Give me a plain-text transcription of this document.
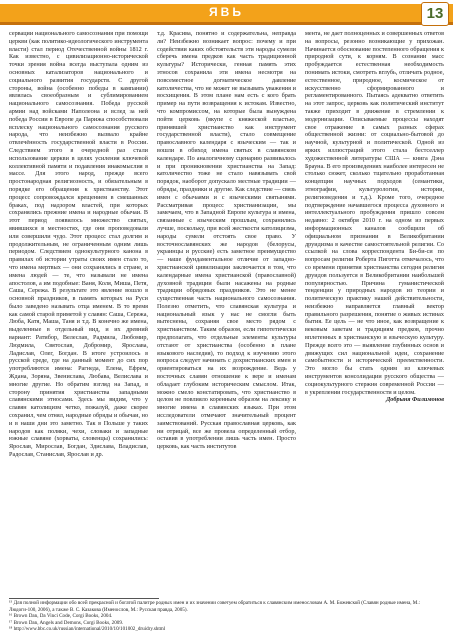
ЯВЬ	13

сервации национального самосознания при помощи церкви (как политико-идеологического инструмента власти) стал период Отечественной войны 1812 г. Как известно, с цивилизационно-исторической точки зрения война всегда выступала одним из основных катализаторов национального и социального развития государств. С другой стороны, война (особенно победы в кампании) являлась своеобразным и сублимированием национального самосознания. Победа русской армии над войсками Наполеона и вслед за ней победа России в Европе да Парижа способствовали всплеску национального самосознания русского народа, что неизбежно вызвало крайне отвлечённость государственной власти в России. Следствием этого в очередной раз стали использование церкви в целях усиления ключевой коллективной памяти и подавления инакомыслия в массе. Для этого народ, прежде всего простонародная религиозность, и обязательным в порядке его обращения к христианству. Этот процесс сопровождался крещением в смешанных браках, под надзором властей, при которых сохранялись прежние имена и народные обычаи. В этот период появилось множество святых, явившихся в местностях, где они проповедовали или совершили чудо. Этот процесс стал долгим и продолжительным, не ограниченным одним лишь периодом. Следствием однокультурного канона в правилах об истории утраты своих имен стало то, что имена мертвых — они сохранялись в стране, и имена людей — те, что называли не имена апостолов, а им подобные: Ваня, Коля, Миша, Петя, Саша, Сережа. В результате это явление вошло в основной праздников, в память которых на Руси было заведено называть отца именем. В то время как самой старой приметой у славян: Саша, Сережа, Люба, Катя, Маша, Таня и т.д. В конечно же имена, выделенные в отдельный вид, и их древний вариант: Ратибор, Велеслав, Радмила, Любомир, Людмила, Святослав, Добромир, Ярослава, Ладислав, Олег, Богдан. В итоге устроилось в русской среде, где на данный момент до сих пор употребляются имена: Рагнеда, Елена, Ефрем, Ждана, Зоряна, Звенислава, Любава, Велислава и многие другие. Но обратим взгляд на Запад, в сторону принятия христианства западными славянскими этносами. Здесь мы видим, что у славян католицизм четко, пожалуй, даже скорее сохранил, чем отнял, народные обряды и обычаи, но и в наши дни это заметно. Так в Польше у таких народов как поляки, чехи, словаки и западные южные славяне (хорваты, словенцы) сохранились: Ярослав, Мирослав, Богдан, Здислава, Владислав, Радослав, Станислав, Ярослав и др.

т.д. Красива, понятно и содержательна, неправда ли? Неизбежно возникает вопрос: почему и при содействии каких обстоятельств эти народы сумели сберечь имена предков как часть традиционной культуры? Исторически, генная память этих этносов сохранила эти имена несмотря на повсеместное догматическое давление католичества, что не может не вызывать уважения и восхищения. В этом плане нам есть с кого брать пример на пути возвращения к истокам. Известно, что компромиссом, на которые была вынуждена пойти церковь (вкупе с княжеской властью, принявшей христианство как инструмент государственной власти), стало совмещение православного календаря с языческим — так и вошли в обиход имена святых в славянском календаре. По аналогичному сценарию развивалось и при проникновении христианства на Запад: католичество тоже не стало навязывать свой порядок, наоборот допускало местные традиции — обряды, праздники и другие. Как следствие — связь имен с обычаями и с языческими святынями. Рассматривая процесс христианизации, мы замечаем, что в Западной Европе культура и имена, связанные с языческим прошлым, сохранились лучше, поскольку, при всей жесткости католицизма, народы сумели отстоять свое право. У восточнославянских же народов (белорусы, украинцы и русские) есть заметное преимущество — наше фундаментальное отличие от западно-христианской цивилизации заключается в том, что календарные имена христианской (православной) духовной традиции были насажены на родные традиции обрядовых праздников. Это не менее существенная часть национального самосознания. Полезно отметить, что славянская культура и национальный язык у нас не смогли быть вытеснены, сохраняя свое место рядом с христианством. Таким образом, если гипотетически предполагать, что отдельные элементы культуры отстают от христианства (особенно в плане языкового наследия), то подход к изучению этого вопроса следует начинать с дохристианских имен и ориентироваться на их возрождение. Ведь у восточных славян отношение к вере и именам обладает глубоким историческим смыслом. Итак, можно смело констатировать, что христианство в целом не повлияло коренным образом на лексику и многие имена в славянских языках. При этом исследователи отмечают значительный процент заимствований. Русская православная церковь, как ни отрицай, все же провела определенный отбор, оставив в употреблении лишь часть имен. Просто церковь, как часть институтов

мента, не дает полноценных и совершенных ответов на вопросы, резонно возникающие у прихожан. Начинается обоснование постепенного обращения к природной сути, к корням. В сознании масс пробуждается естественная необходимость понимать истоки, смотреть вглубь, отличать родное, естественное, природное, космическое от искусственно сформированного и регламентированного. Пытаясь адекватно ответить на этот запрос, церковь как политический институт также приходит в движение в стремлении к модернизации. Описываемые процессы находят свое отражение в самых разных сферах общественной жизни: от социально-бытовой до научной, культурной и политической. Одной из ярких иллюстраций этого стала бестселлер художественной литературы США — книга Дэна Брауна. В его произведениях наиболее интересен не столько сюжет, сколько тщательно проработанная концепция научных подходов (семантики, этнографии, культурологии, истории, религиоведения и т.д.). Кроме того, очередное подтверждение начавшегося процесса духовного и интеллектуального пробуждения пришло совсем недавно: 2 октября 2010 г. на одном из первых информационных каналов сообщили об официальном признании в Великобритании друидизма в качестве самостоятельной религии. Со ссылкой на слова корреспондента Би-би-си по вопросам религии Роберта Пиготта отмечалось, что со времени принятия христианства сегодня религия друидов пользуется в Великобритании наибольшей популярностью. Причина гуманистической тенденции у природных народов из теории и политическую практику нашей действительности, неизбежно направляется главный вектор правильного разрешения, понятие о живых истинах бытия. Ее цель — не что иное, как возвращение к вековым заветам и традициям предков, прочно вплетенных в христианскую и языческую культуру. Прежде всего это — выявление глубинных основ и движущих сил национальной идеи, сохранение самобытности и исторической преемственности. Это могло бы стать одним из ключевых инструментов консолидации русского общества — социокультурного стержня современной России — в укреплении государственности и целом.

Добрыня Филимонов

¹⁵ Для полной информации обо всей прекрасной и богатой палитре родных имен и их значении советуем обратиться к славянским именословам А. М. Божевской (Славян родные имена, М.: Людоги-100, 2006), а также В. С. Казакова (Именослов, М.: Русская правда, 2005).

¹⁶ Brown Dan, Da Vinci Code, Corgi Books, 2004.

¹⁷ Brown Dan, Angels and Demons, Corgi Books, 2009.

¹⁸ http://www.bbc.co.uk/russian/international/2010/10/101002_druidry.shtml
